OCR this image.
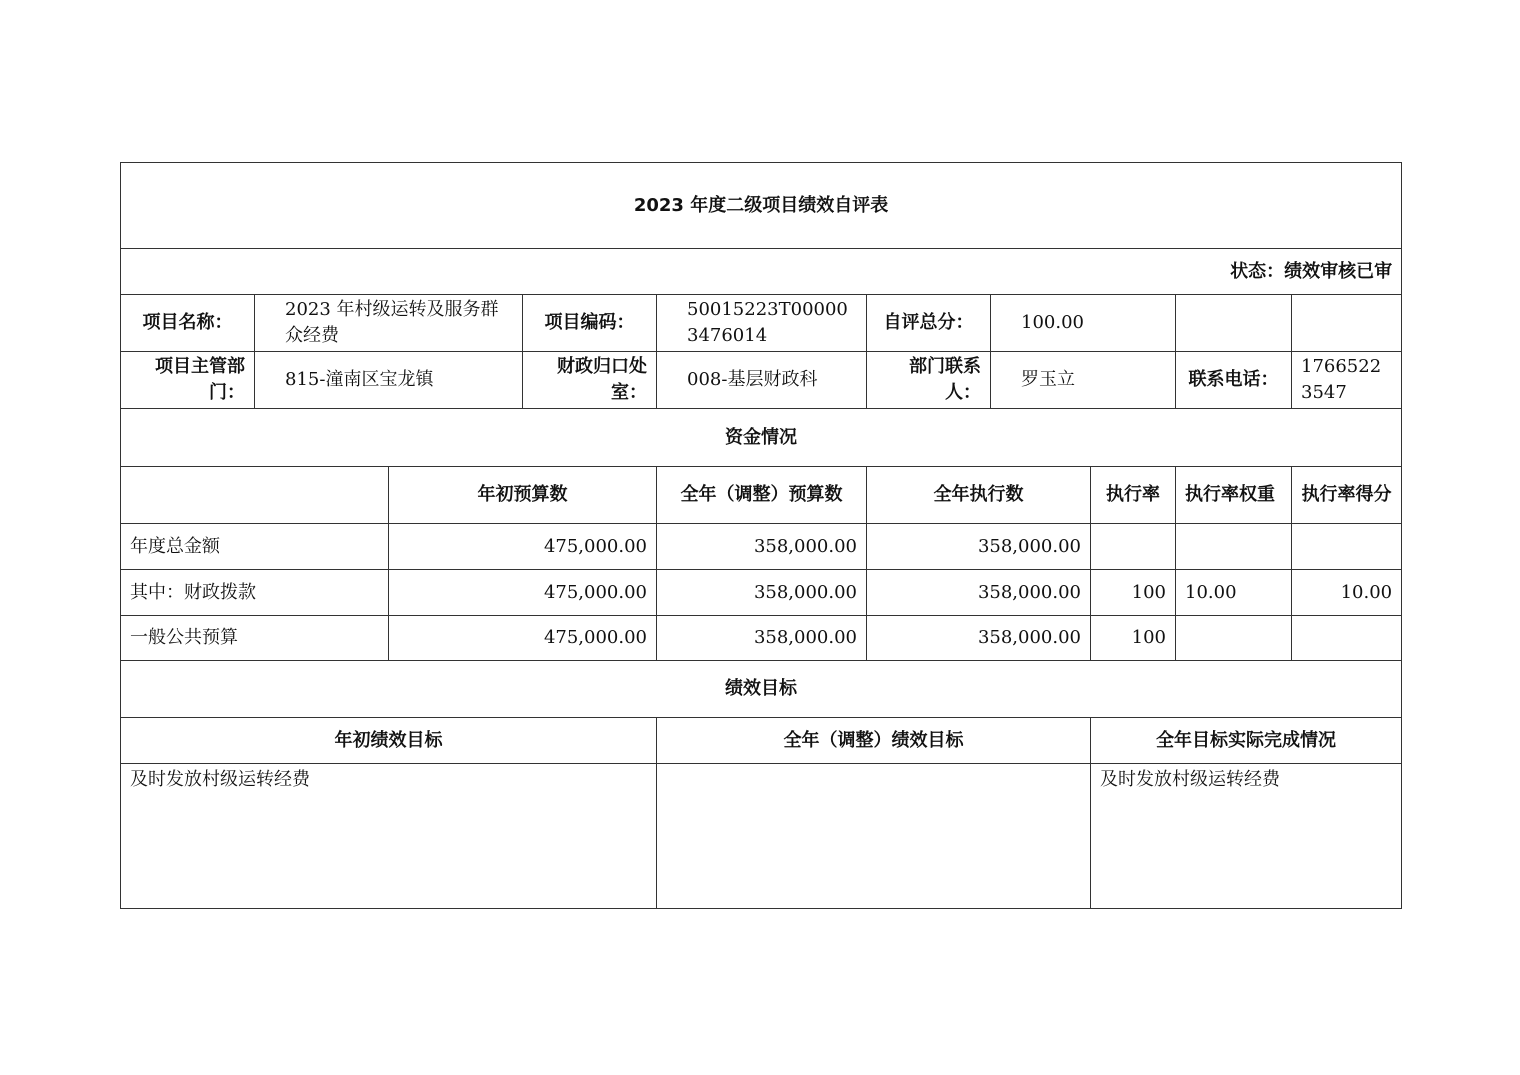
2023 年度二级项目绩效自评表									
状态：绩效审核已审									
项目名称：	2023 年村级运转及服务群众经费		项目编码：	50015223T000003476014	自评总分：	100.00			
项目主管部门：	815-潼南区宝龙镇		财政归口处室：	008-基层财政科	部门联系人：	罗玉立		联系电话：	17665223547
资金情况									
		年初预算数		全年（调整）预算数	全年执行数		执行率	执行率权重	执行率得分
年度总金额		475,000.00		358,000.00	358,000.00				
其中：财政拨款		475,000.00		358,000.00	358,000.00		100	10.00	10.00
一般公共预算		475,000.00		358,000.00	358,000.00		100		
绩效目标									
年初绩效目标				全年（调整）绩效目标			全年目标实际完成情况		
及时发放村级运转经费							及时发放村级运转经费		
